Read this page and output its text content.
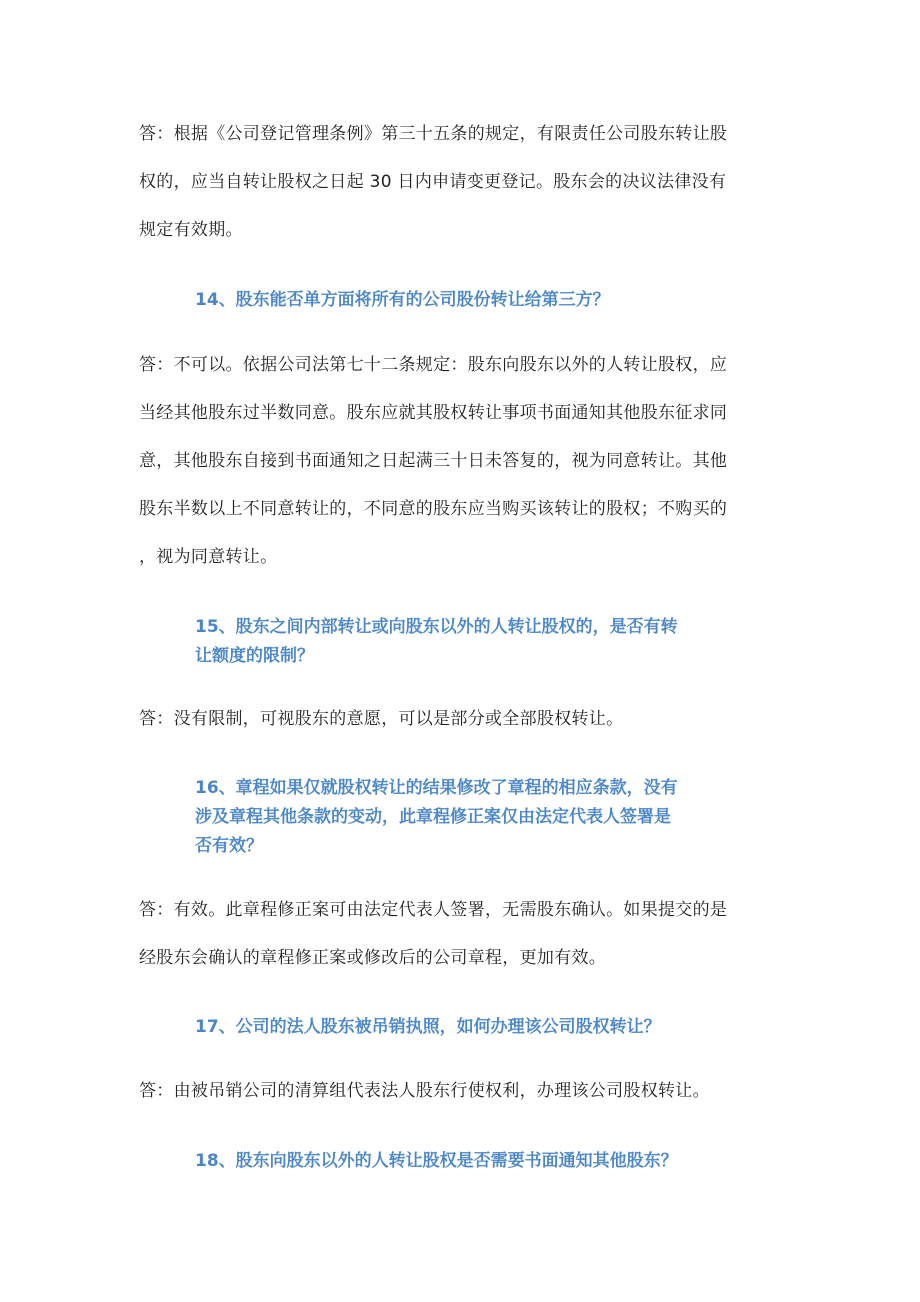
答：根据《公司登记管理条例》第三十五条的规定，有限责任公司股东转让股
权的，应当自转让股权之日起 30 日内申请变更登记。股东会的决议法律没有
规定有效期。

14、股东能否单方面将所有的公司股份转让给第三方？

答：不可以。依据公司法第七十二条规定：股东向股东以外的人转让股权，应
当经其他股东过半数同意。股东应就其股权转让事项书面通知其他股东征求同
意，其他股东自接到书面通知之日起满三十日未答复的，视为同意转让。其他
股东半数以上不同意转让的，不同意的股东应当购买该转让的股权；不购买的
，视为同意转让。

15、股东之间内部转让或向股东以外的人转让股权的，是否有转
让额度的限制？

答：没有限制，可视股东的意愿，可以是部分或全部股权转让。

16、章程如果仅就股权转让的结果修改了章程的相应条款，没有
涉及章程其他条款的变动，此章程修正案仅由法定代表人签署是
否有效？

答：有效。此章程修正案可由法定代表人签署，无需股东确认。如果提交的是
经股东会确认的章程修正案或修改后的公司章程，更加有效。

17、公司的法人股东被吊销执照，如何办理该公司股权转让？

答：由被吊销公司的清算组代表法人股东行使权利，办理该公司股权转让。

18、股东向股东以外的人转让股权是否需要书面通知其他股东？
